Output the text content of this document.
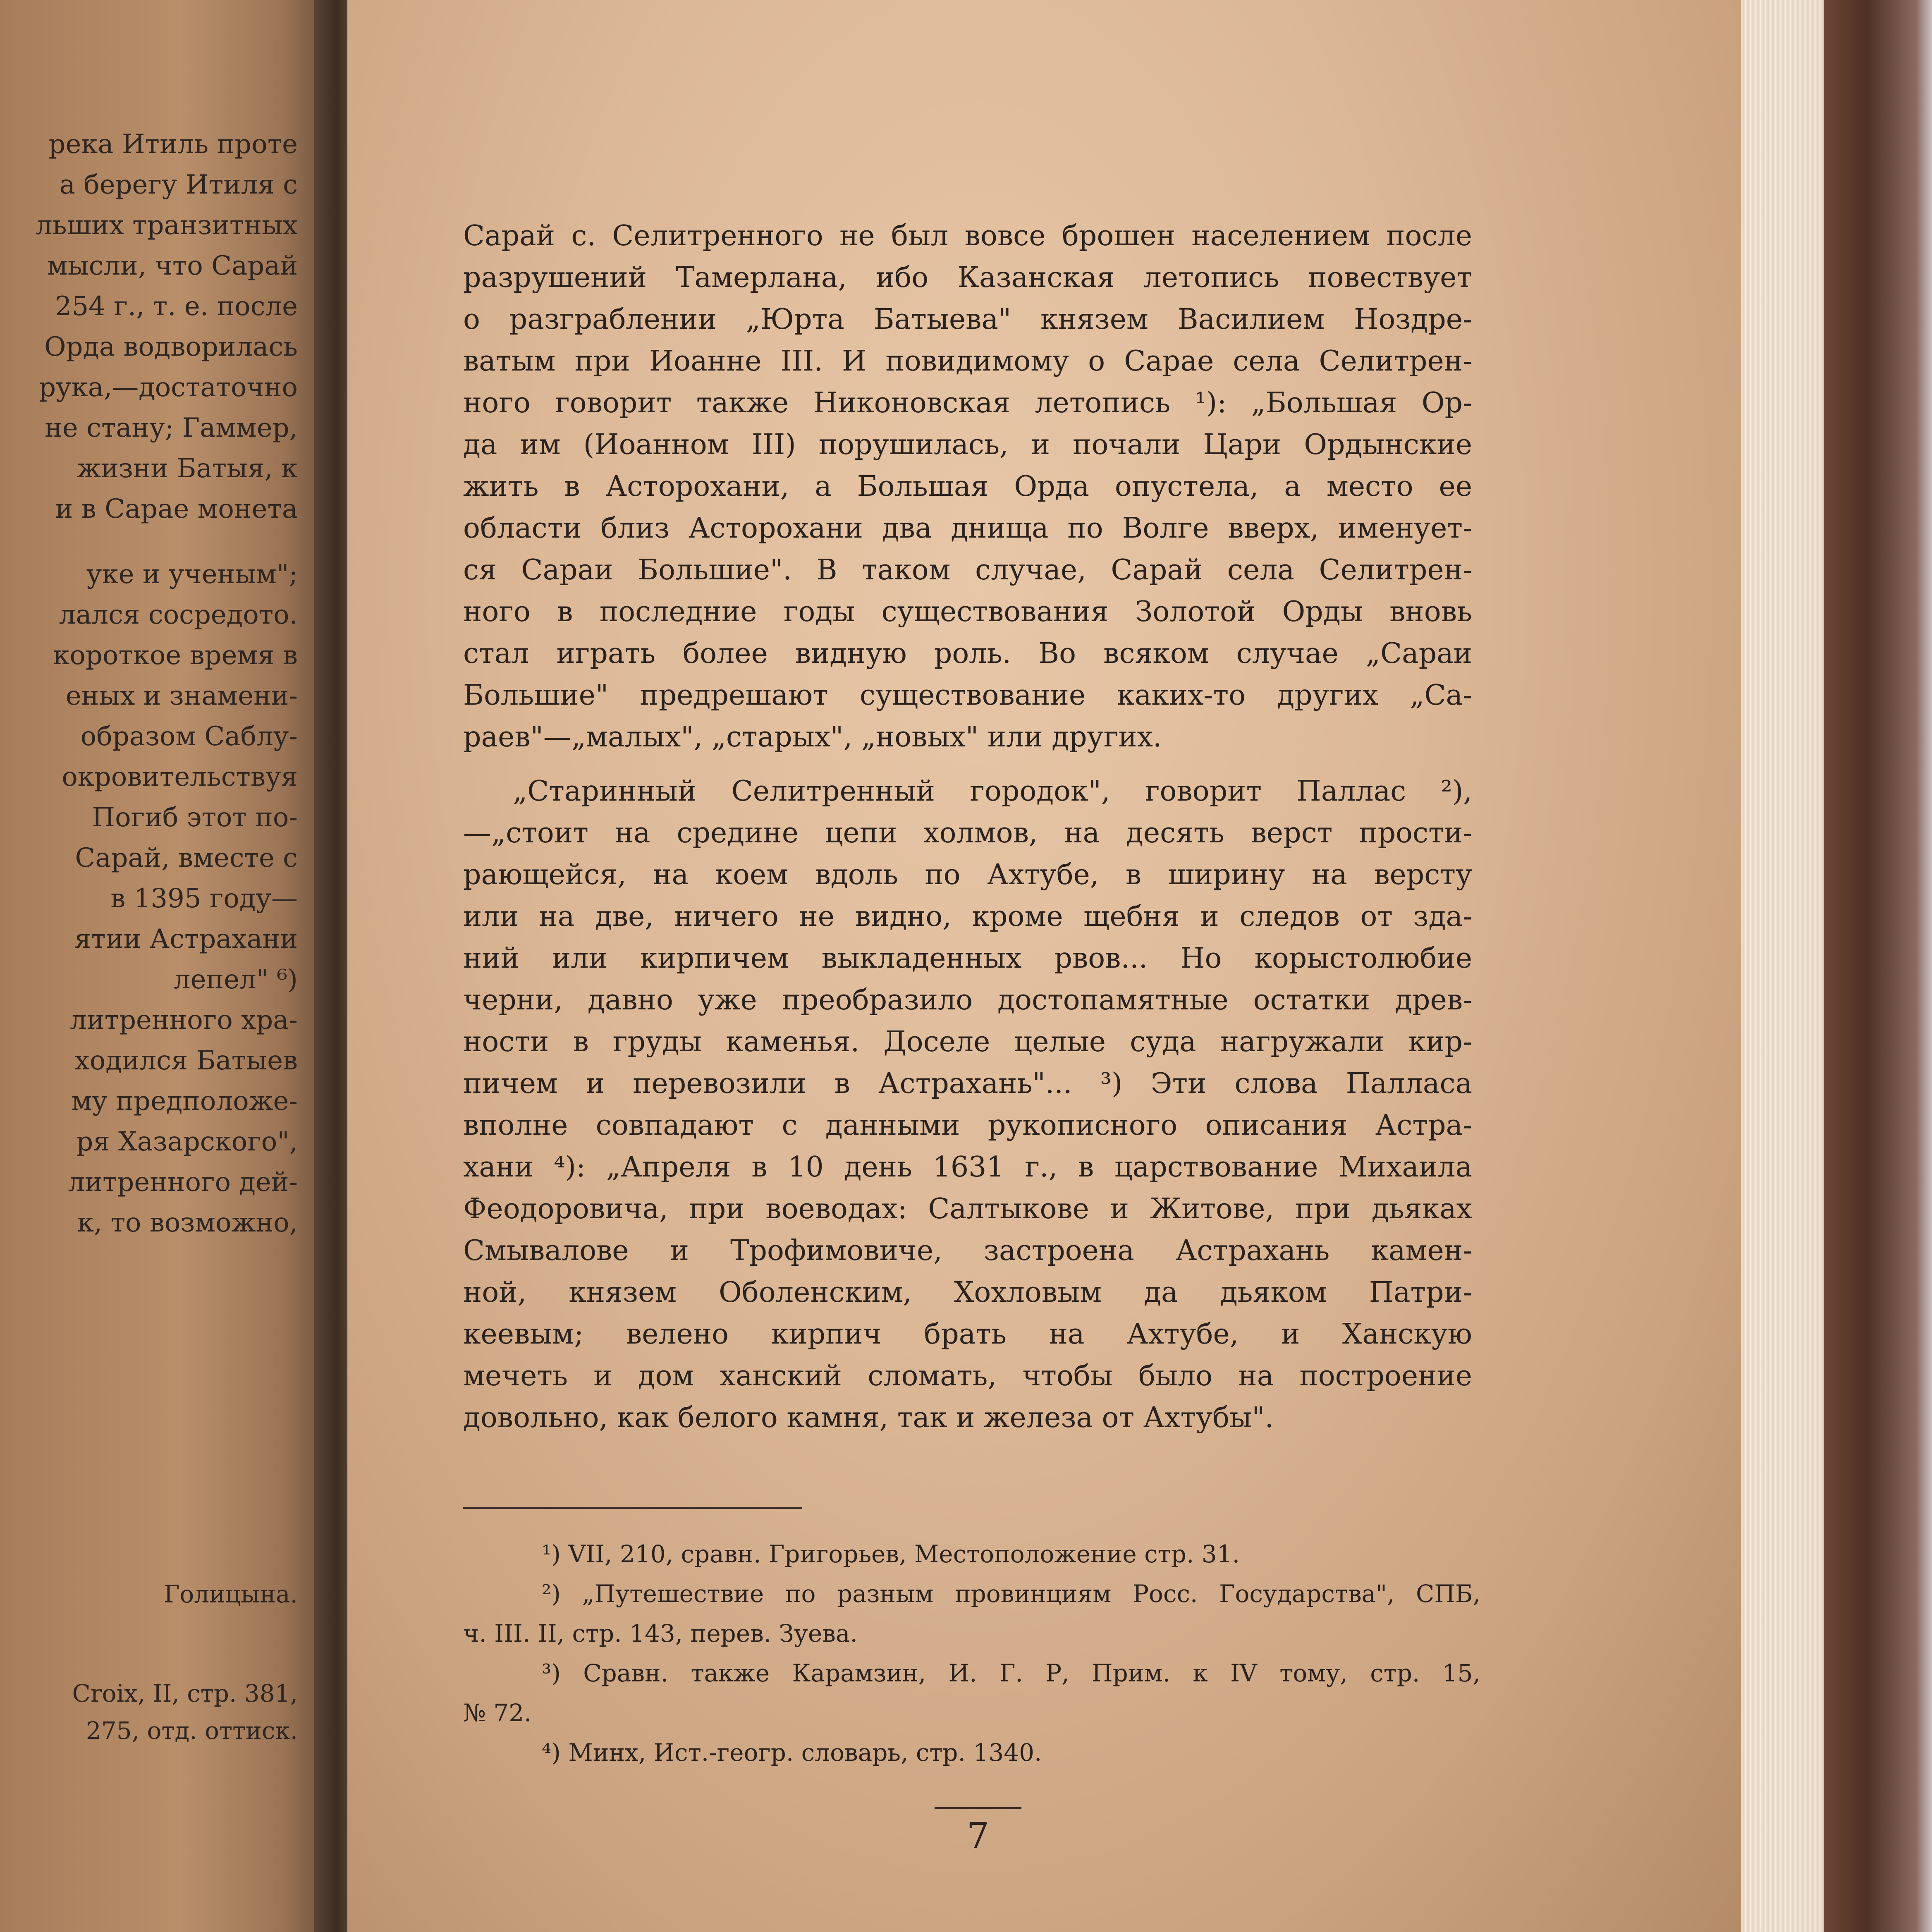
река Итиль проте
а берегу Итиля с
льших транзитных
мысли, что Сарай
254 г., т. е. после
Орда водворилась
рука,—достаточно
не стану; Гаммер,
жизни Батыя, к
и в Сарае монета
уке и ученым";
лался сосредото.
короткое время в
еных и знамени-
образом Саблу-
окровительствуя
Погиб этот по-
Сарай, вместе с
в 1395 году—
ятии Астрахани
лепел" ⁶)
литренного хра-
ходился Батыев
му предположе-
ря Хазарского",
литренного дей-
к, то возможно,
Голицына.
Croix, II, стр. 381,
275, отд. оттиск.
Сарай с. Селитренного не был вовсе брошен населением после
разрушений Тамерлана, ибо Казанская летопись повествует
о разграблении „Юрта Батыева" князем Василием Ноздре-
ватым при Иоанне III. И повидимому о Сарае села Селитрен-
ного говорит также Никоновская летопись ¹): „Большая Ор-
да им (Иоанном III) порушилась, и почали Цари Ордынские
жить в Асторохани, а Большая Орда опустела, а место ее
области близ Асторохани два днища по Волге вверх, именует-
ся Сараи Большие". В таком случае, Сарай села Селитрен-
ного в последние годы существования Золотой Орды вновь
стал играть более видную роль. Во всяком случае „Сараи
Большие" предрешают существование каких-то других „Са-
раев"—„малых", „старых", „новых" или других.
„Старинный Селитренный городок", говорит Паллас ²),
—„стоит на средине цепи холмов, на десять верст прости-
рающейся, на коем вдоль по Ахтубе, в ширину на версту
или на две, ничего не видно, кроме щебня и следов от зда-
ний или кирпичем выкладенных рвов... Но корыстолюбие
черни, давно уже преобразило достопамятные остатки древ-
ности в груды каменья. Доселе целые суда нагружали кир-
пичем и перевозили в Астрахань"... ³) Эти слова Палласа
вполне совпадают с данными рукописного описания Астра-
хани ⁴): „Апреля в 10 день 1631 г., в царствование Михаила
Феодоровича, при воеводах: Салтыкове и Житове, при дьяках
Смывалове и Трофимовиче, застроена Астрахань камен-
ной, князем Оболенским, Хохловым да дьяком Патри-
кеевым; велено кирпич брать на Ахтубе, и Ханскую
мечеть и дом ханский сломать, чтобы было на построение
довольно, как белого камня, так и железа от Ахтубы".
¹) VII, 210, сравн. Григорьев, Местоположение стр. 31.
²) „Путешествие по разным провинциям Росс. Государства", СПБ,
ч. III. II, стр. 143, перев. Зуева.
³) Сравн. также Карамзин, И. Г. Р, Прим. к IV тому, стр. 15,
№ 72.
⁴) Минх, Ист.-геогр. словарь, стр. 1340.
7
